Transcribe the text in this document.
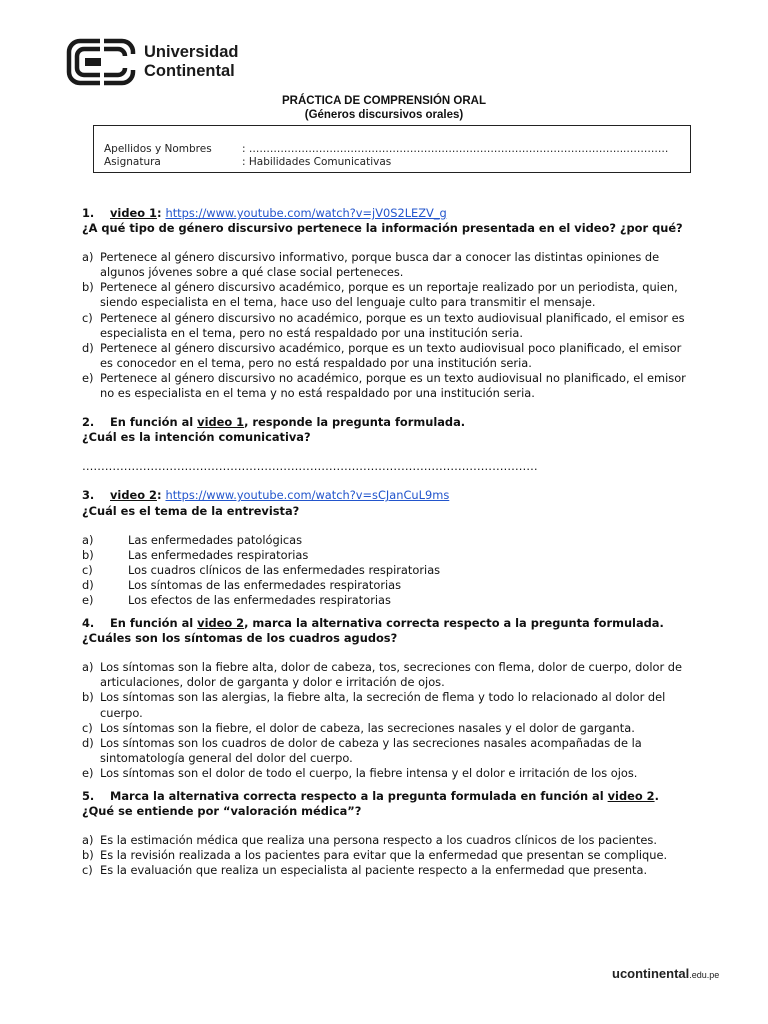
Universidad
Continental
PRÁCTICA DE COMPRENSIÓN ORAL
(Géneros discursivos orales)
Apellidos y Nombres	: ……………………………………………………………………………………………...…………
Asignatura	: Habilidades Comunicativas
1.	video 1: https://www.youtube.com/watch?v=jV0S2LEZV_g
¿A qué tipo de género discursivo pertenece la información presentada en el video? ¿por qué?
a) Pertenece al género discursivo informativo, porque busca dar a conocer las distintas opiniones de algunos jóvenes sobre a qué clase social perteneces.
b) Pertenece al género discursivo académico, porque es un reportaje realizado por un periodista, quien, siendo especialista en el tema, hace uso del lenguaje culto para transmitir el mensaje.
c) Pertenece al género discursivo no académico, porque es un texto audiovisual planificado, el emisor es especialista en el tema, pero no está respaldado por una institución seria.
d) Pertenece al género discursivo académico, porque es un texto audiovisual poco planificado, el emisor es conocedor en el tema, pero no está respaldado por una institución seria.
e) Pertenece al género discursivo no académico, porque es un texto audiovisual no planificado, el emisor no es especialista en el tema y no está respaldado por una institución seria.
2.	En función al video 1, responde la pregunta formulada.
¿Cuál es la intención comunicativa?
…………………………………………………………………………………………………………
3.	video 2: https://www.youtube.com/watch?v=sCJanCuL9ms
¿Cuál es el tema de la entrevista?
a)	Las enfermedades patológicas
b)	Las enfermedades respiratorias
c)	Los cuadros clínicos de las enfermedades respiratorias
d)	Los síntomas de las enfermedades respiratorias
e)	Los efectos de las enfermedades respiratorias
4.	En función al video 2, marca la alternativa correcta respecto a la pregunta formulada.
¿Cuáles son los síntomas de los cuadros agudos?
a) Los síntomas son la fiebre alta, dolor de cabeza, tos, secreciones con flema, dolor de cuerpo, dolor de articulaciones, dolor de garganta y dolor e irritación de ojos.
b) Los síntomas son las alergias, la fiebre alta, la secreción de flema y todo lo relacionado al dolor del cuerpo.
c) Los síntomas son la fiebre, el dolor de cabeza, las secreciones nasales y el dolor de garganta.
d) Los síntomas son los cuadros de dolor de cabeza y las secreciones nasales acompañadas de la sintomatología general del dolor del cuerpo.
e) Los síntomas son el dolor de todo el cuerpo, la fiebre intensa y el dolor e irritación de los ojos.
5.	Marca la alternativa correcta respecto a la pregunta formulada en función al video 2.
¿Qué se entiende por “valoración médica”?
a) Es la estimación médica que realiza una persona respecto a los cuadros clínicos de los pacientes.
b) Es la revisión realizada a los pacientes para evitar que la enfermedad que presentan se complique.
c) Es la evaluación que realiza un especialista al paciente respecto a la enfermedad que presenta.
ucontinental.edu.pe
